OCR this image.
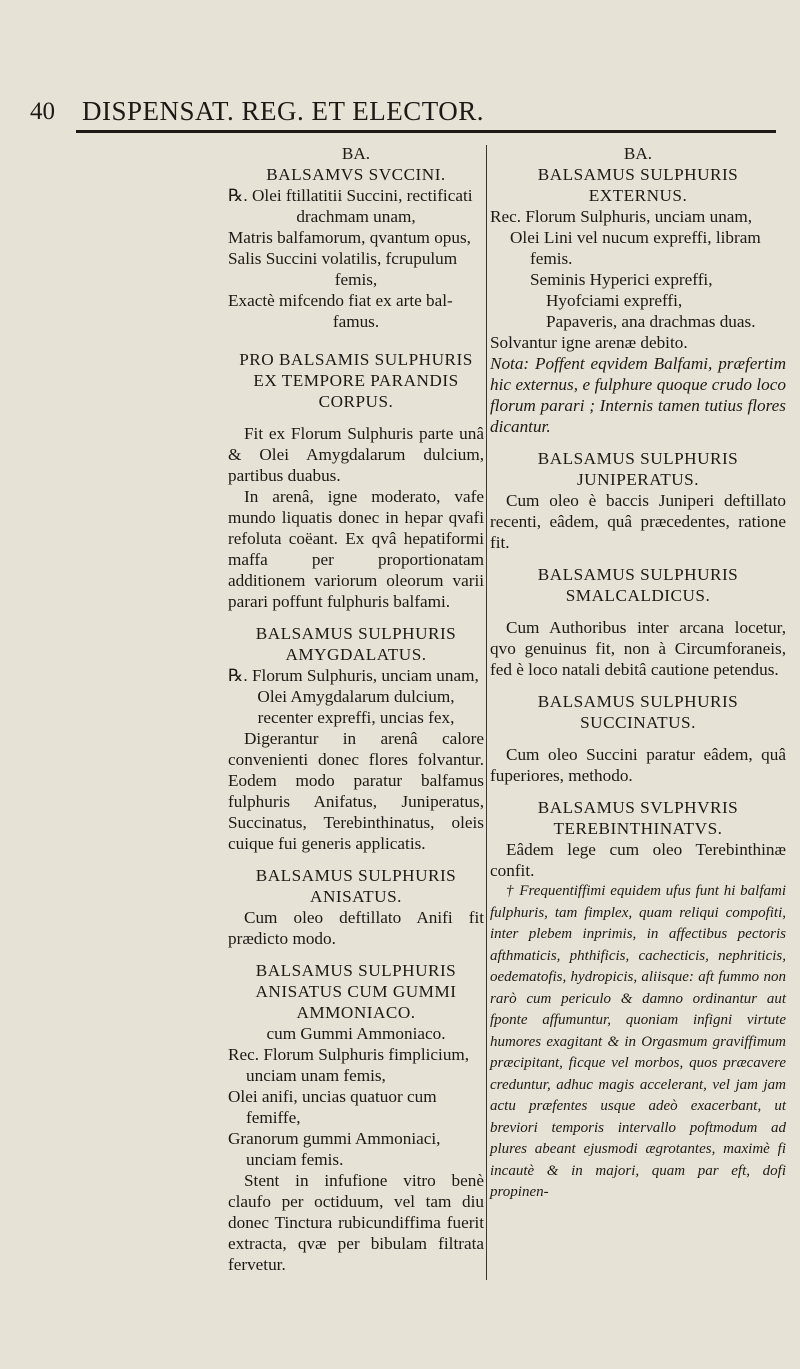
40 DISPENSAT. REG. ET ELECTOR.

BA.

BALSAMVS SVCCINI.

℞. Olei ftillatitii Succini, rectificati

drachmam unam,

Matris balfamorum, qvantum opus,

Salis Succini volatilis, fcrupulum

femis,

Exactè mifcendo fiat ex arte bal-

famus.

PRO BALSAMIS SULPHURIS EX TEMPORE PARANDIS CORPUS.

Fit ex Florum Sulphuris parte unâ & Olei Amygdalarum dulcium, partibus duabus.

In arenâ, igne moderato, vafe mundo liquatis donec in hepar qvafi refoluta coëant. Ex qvâ hepatiformi maffa per proportionatam additionem variorum oleorum varii parari poffunt fulphuris balfami.

BALSAMUS SULPHURIS AMYGDALATUS.

℞. Florum Sulphuris, unciam unam,

Olei Amygdalarum dulcium, recenter expreffi, uncias fex,

Digerantur in arenâ calore convenienti donec flores folvantur. Eodem modo paratur balfamus fulphuris Anifatus, Juniperatus, Succinatus, Terebinthinatus, oleis cuique fui generis applicatis.

BALSAMUS SULPHURIS ANISATUS.

Cum oleo deftillato Anifi fit prædicto modo.

BALSAMUS SULPHURIS ANISATUS CUM GUMMI AMMONIACO.

cum Gummi Ammoniaco.

Rec. Florum Sulphuris fimplicium, unciam unam femis,

Olei anifi, uncias quatuor cum femiffe,

Granorum gummi Ammoniaci, unciam femis.

Stent in infufione vitro benè claufo per octiduum, vel tam diu donec Tinctura rubicundiffima fuerit extracta, qvæ per bibulam filtrata fervetur.

BA.

BALSAMUS SULPHURIS EXTERNUS.

Rec. Florum Sulphuris, unciam unam,

Olei Lini vel nucum expreffi, libram femis.

Seminis Hyperici expreffi,

Hyofciami expreffi,

Papaveris, ana drachmas duas.

Solvantur igne arenæ debito.

Nota: Poffent eqvidem Balfami, præfertim hic externus, e fulphure quoque crudo loco florum parari ; Internis tamen tutius flores dicantur.

BALSAMUS SULPHURIS JUNIPERATUS.

Cum oleo è baccis Juniperi deftillato recenti, eâdem, quâ præcedentes, ratione fit.

BALSAMUS SULPHURIS SMALCALDICUS.

Cum Authoribus inter arcana locetur, qvo genuinus fit, non à Circumforaneis, fed è loco natali debitâ cautione petendus.

BALSAMUS SULPHURIS SUCCINATUS.

Cum oleo Succini paratur eâdem, quâ fuperiores, methodo.

BALSAMUS SVLPHVRIS TEREBINTHINATVS.

Eâdem lege cum oleo Terebinthinæ confit.

† Frequentiffimi equidem ufus funt hi balfami fulphuris, tam fimplex, quam reliqui compofiti, inter plebem inprimis, in affectibus pectoris afthmaticis, phthificis, cachecticis, nephriticis, oedematofis, hydropicis, aliisque: aft fummo non rarò cum periculo & damno ordinantur aut fponte affumuntur, quoniam infigni virtute humores exagitant & in Orgasmum graviffimum præcipitant, ficque vel morbos, quos præcavere creduntur, adhuc magis accelerant, vel jam jam actu præfentes usque adeò exacerbant, ut breviori temporis intervallo poftmodum ad plures abeant ejusmodi ægrotantes, maximè fi incautè & in majori, quam par eft, dofi propinen-
